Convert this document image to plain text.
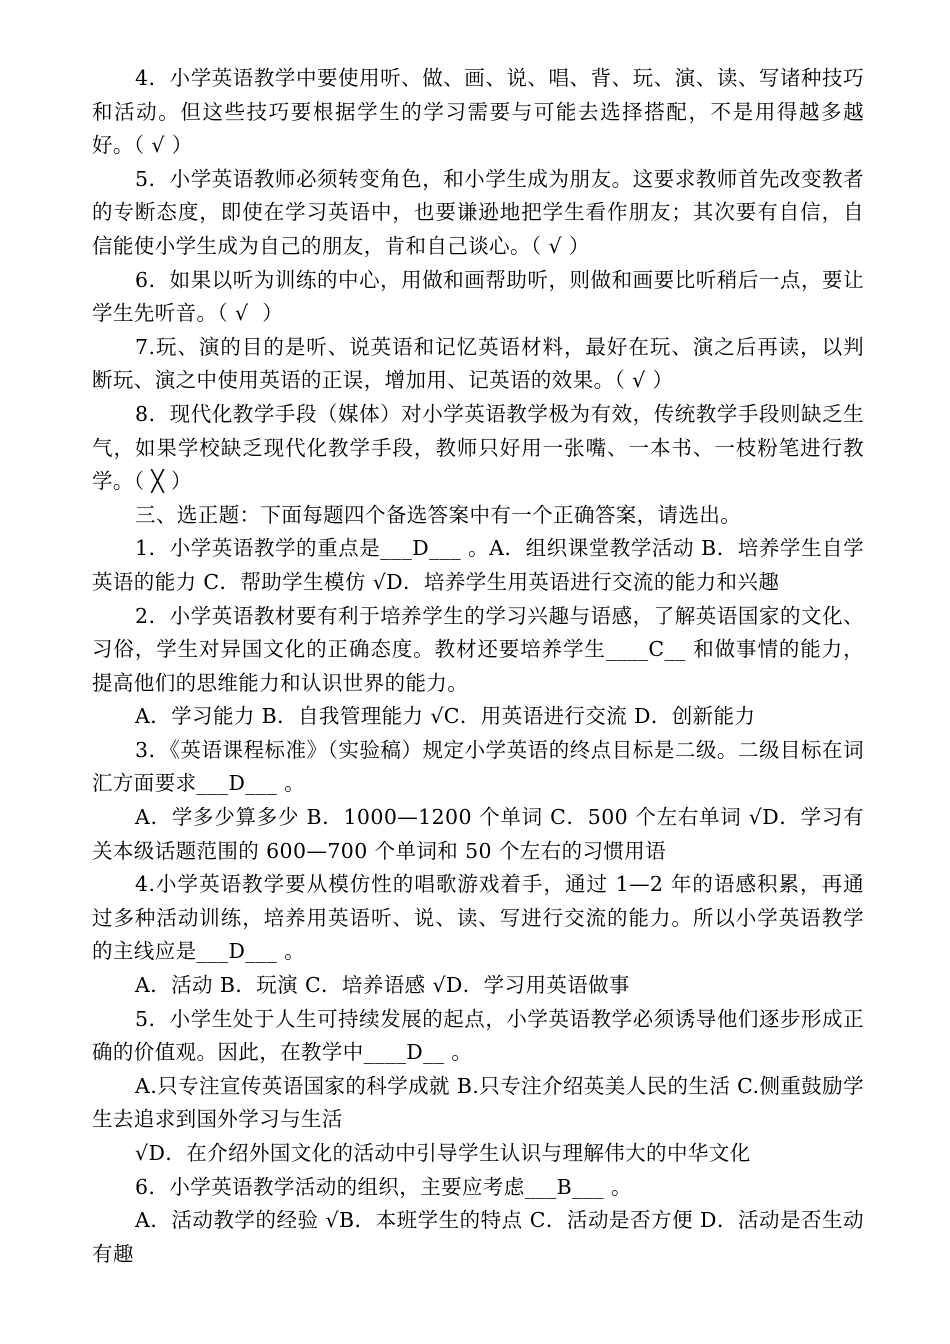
4．小学英语教学中要使用听、做、画、说、唱、背、玩、演、读、写诸种技巧和活动。但这些技巧要根据学生的学习需要与可能去选择搭配，不是用得越多越好。（ √ ）

5．小学英语教师必须转变角色，和小学生成为朋友。这要求教师首先改变教者的专断态度，即使在学习英语中，也要谦逊地把学生看作朋友；其次要有自信，自信能使小学生成为自己的朋友，肯和自己谈心。（ √ ）

6．如果以听为训练的中心，用做和画帮助听，则做和画要比听稍后一点，要让学生先听音。（ √  ）

7.玩、演的目的是听、说英语和记忆英语材料，最好在玩、演之后再读，以判断玩、演之中使用英语的正误，增加用、记英语的效果。（ √ ）

8．现代化教学手段（媒体）对小学英语教学极为有效，传统教学手段则缺乏生气，如果学校缺乏现代化教学手段，教师只好用一张嘴、一本书、一枝粉笔进行教学。（ ╳ ）

三、选正题：下面每题四个备选答案中有一个正确答案，请选出。

1．小学英语教学的重点是___D___ 。A．组织课堂教学活动 B．培养学生自学英语的能力 C．帮助学生模仿 √D．培养学生用英语进行交流的能力和兴趣

2．小学英语教材要有利于培养学生的学习兴趣与语感，了解英语国家的文化、习俗，学生对异国文化的正确态度。教材还要培养学生____C__ 和做事情的能力，提高他们的思维能力和认识世界的能力。

A．学习能力 B．自我管理能力 √C．用英语进行交流 D．创新能力

3．《英语课程标准》（实验稿）规定小学英语的终点目标是二级。二级目标在词汇方面要求___D___ 。

A．学多少算多少 B．1000—1200 个单词 C．500 个左右单词 √D．学习有关本级话题范围的 600—700 个单词和 50 个左右的习惯用语

4.小学英语教学要从模仿性的唱歌游戏着手，通过 1—2 年的语感积累，再通过多种活动训练，培养用英语听、说、读、写进行交流的能力。所以小学英语教学的主线应是___D___ 。

A．活动 B．玩演 C．培养语感 √D．学习用英语做事

5．小学生处于人生可持续发展的起点，小学英语教学必须诱导他们逐步形成正确的价值观。因此，在教学中____D__ 。

A.只专注宣传英语国家的科学成就 B.只专注介绍英美人民的生活 C.侧重鼓励学生去追求到国外学习与生活

√D．在介绍外国文化的活动中引导学生认识与理解伟大的中华文化

6．小学英语教学活动的组织，主要应考虑___B___ 。

A．活动教学的经验 √B．本班学生的特点 C．活动是否方便 D．活动是否生动有趣
